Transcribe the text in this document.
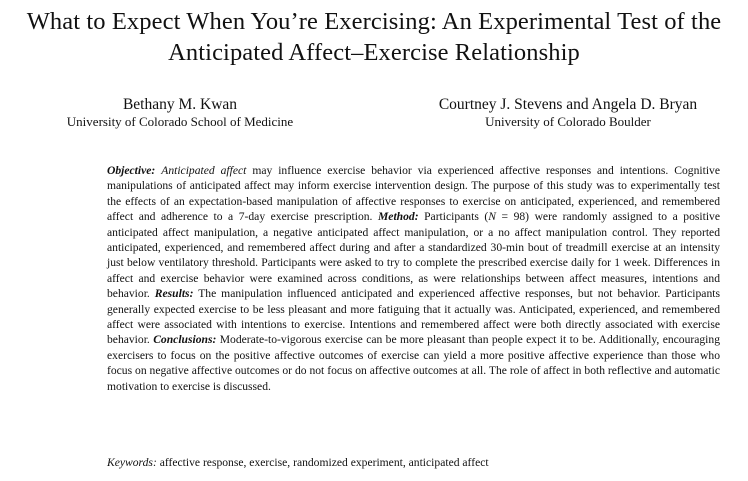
What to Expect When You’re Exercising: An Experimental Test of the
Anticipated Affect–Exercise Relationship
Bethany M. Kwan
University of Colorado School of Medicine
Courtney J. Stevens and Angela D. Bryan
University of Colorado Boulder

Objective: Anticipated affect may influence exercise behavior via experienced affective responses and intentions. Cognitive manipulations of anticipated affect may inform exercise intervention design. The purpose of this study was to experimentally test the effects of an expectation-based manipulation of affective responses to exercise on anticipated, experienced, and remembered affect and adherence to a 7-day exercise prescription. Method: Participants (N = 98) were randomly assigned to a positive anticipated affect manipulation, a negative anticipated affect manipulation, or a no affect manipulation control. They reported anticipated, experienced, and remembered affect during and after a standardized 30-min bout of treadmill exercise at an intensity just below ventilatory threshold. Participants were asked to try to complete the prescribed exercise daily for 1 week. Differences in affect and exercise behavior were examined across conditions, as were relationships between affect measures, intentions and behavior. Results: The manipulation influenced anticipated and experienced affective responses, but not behavior. Participants generally expected exercise to be less pleasant and more fatiguing that it actually was. Anticipated, experienced, and remembered affect were associated with intentions to exercise. Intentions and remembered affect were both directly associated with exercise behavior. Conclusions: Moderate-to-vigorous exercise can be more pleasant than people expect it to be. Additionally, encouraging exercisers to focus on the positive affective outcomes of exercise can yield a more positive affective experience than those who focus on negative affective outcomes or do not focus on affective outcomes at all. The role of affect in both reflective and automatic motivation to exercise is discussed.

Keywords: affective response, exercise, randomized experiment, anticipated affect
